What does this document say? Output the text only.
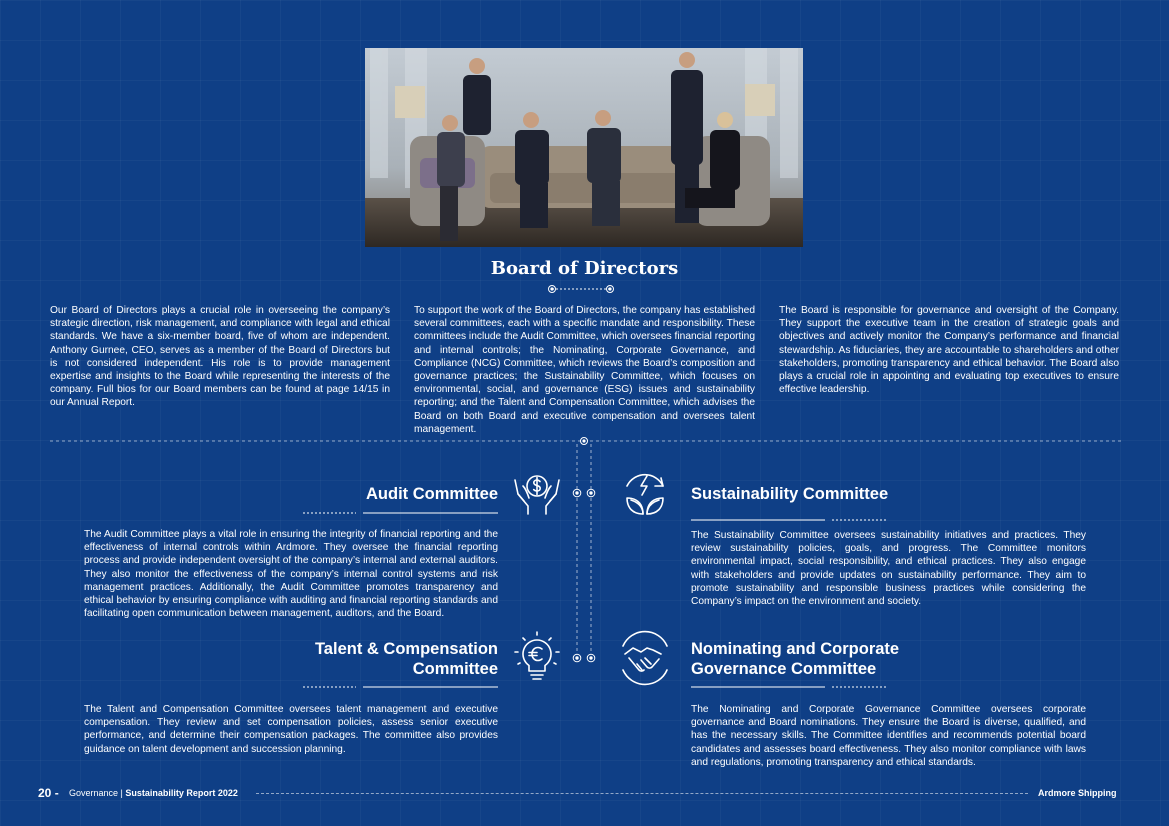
Board of Directors
Our Board of Directors plays a crucial role in overseeing the company’s strategic direction, risk management, and compliance with legal and ethical standards. We have a six-member board, five of whom are independent. Anthony Gurnee, CEO, serves as a member of the Board of Directors but is not considered independent. His role is to provide management expertise and insights to the Board while representing the interests of the company. Full bios for our Board members can be found at page 14/15 in our Annual Report.
To support the work of the Board of Directors, the company has established several committees, each with a specific mandate and responsibility. These committees include the Audit Committee, which oversees financial reporting and internal controls; the Nominating, Corporate Governance, and Compliance (NCG) Committee, which reviews the Board’s composition and governance practices; the Sustainability Committee, which focuses on environmental, social, and governance (ESG) issues and sustainability reporting; and the Talent and Compensation Committee, which advises the Board on both Board and executive compensation and oversees talent management.
The Board is responsible for governance and oversight of the Company. They support the executive team in the creation of strategic goals and objectives and actively monitor the Company’s performance and financial stewardship. As fiduciaries, they are accountable to shareholders and other stakeholders, promoting transparency and ethical behavior. The Board also plays a crucial role in appointing and evaluating top executives to ensure effective leadership.
Audit Committee
The Audit Committee plays a vital role in ensuring the integrity of financial reporting and the effectiveness of internal controls within Ardmore. They oversee the financial reporting process and provide independent oversight of the company’s internal and external auditors. They also monitor the effectiveness of the company’s internal control systems and risk management practices. Additionally, the Audit Committee promotes transparency and ethical behavior by ensuring compliance with auditing and financial reporting standards and facilitating open communication between management, auditors, and the Board.
Sustainability Committee
The Sustainability Committee oversees sustainability initiatives and practices. They review sustainability policies, goals, and progress. The Committee monitors environmental impact, social responsibility, and ethical practices. They also engage with stakeholders and provide updates on sustainability performance. They aim to promote sustainability and responsible business practices while considering the Company’s impact on the environment and society.
Talent & Compensation
Committee
The Talent and Compensation Committee oversees talent management and executive compensation. They review and set compensation policies, assess senior executive performance, and determine their compensation packages. The committee also provides guidance on talent development and succession planning.
Nominating and Corporate
Governance Committee
The Nominating and Corporate Governance Committee oversees corporate governance and Board nominations. They ensure the Board is diverse, qualified, and has the necessary skills. The Committee identifies and recommends potential board candidates and assesses board effectiveness. They also monitor compliance with laws and regulations, promoting transparency and ethical standards.
20 - Governance | Sustainability Report 2022	Ardmore Shipping
